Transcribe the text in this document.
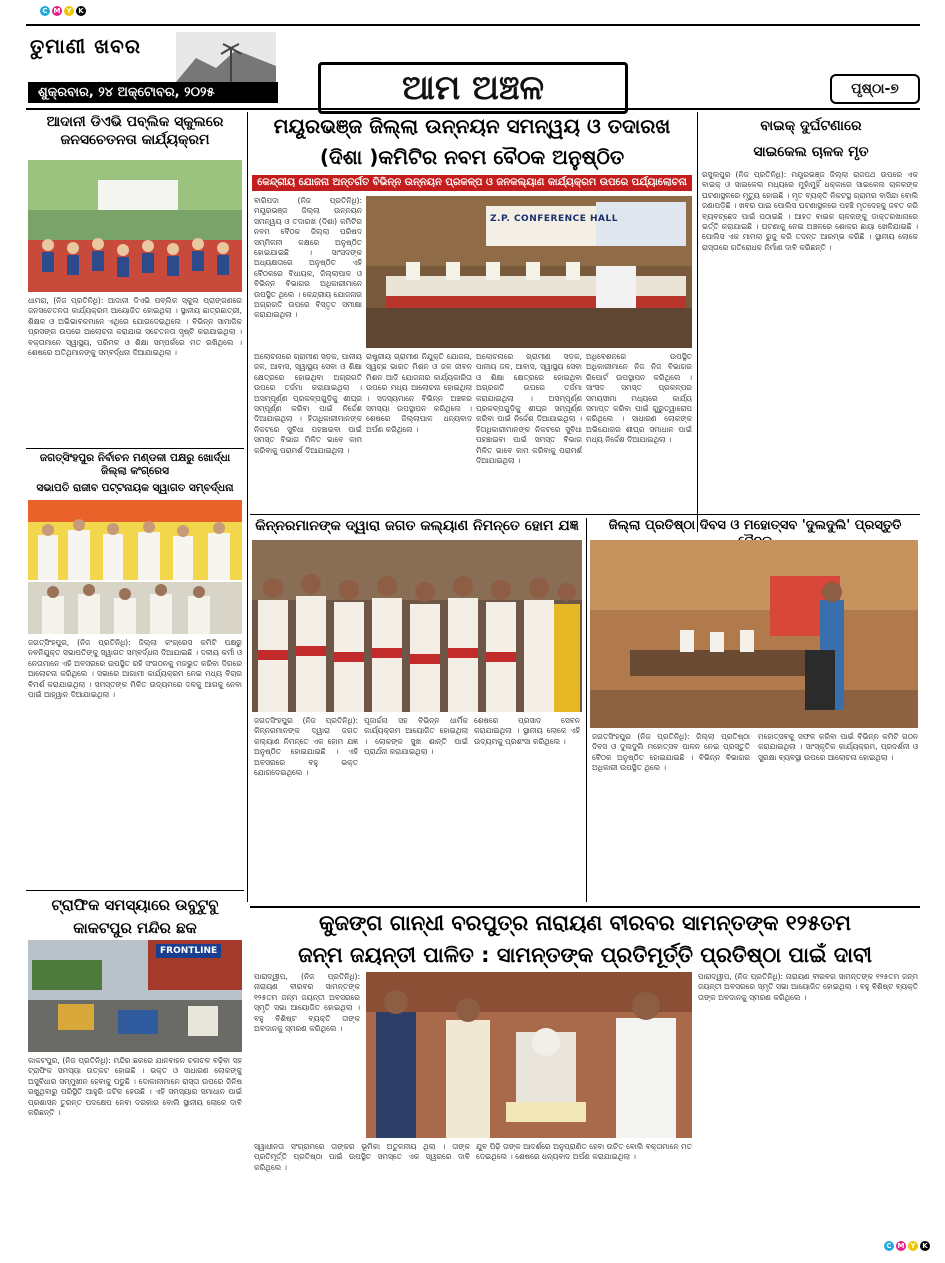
C M Y K
C M Y K
ତୁମାଣୀ ଖବର
ଶୁକ୍ରବାର, ୨୪ ଅକ୍ଟୋବର, ୨୦୨୫	ଆମ ଅଞ୍ଚଳ	ପୃଷ୍ଠା-୭
ଆଦାନୀ ଡିଏଭି ପବ୍ଲିକ ସ୍କୁଲରେ
ଜନସଚେତନତା କାର୍ଯ୍ୟକ୍ରମ
ଧାମରା, (ନିଜ ପ୍ରତିନିଧି): ଆଦାନୀ ଡିଏଭି ପବ୍ଲିକ ସ୍କୁଲ ପ୍ରାଙ୍ଗଣରେ ଜନସଚେତନତା କାର୍ଯ୍ୟକ୍ରମ ଆୟୋଜିତ ହୋଇଥିଲା । ସ୍ଥାନୀୟ ଛାତ୍ରଛାତ୍ରୀ, ଶିକ୍ଷକ ଓ ଅଭିଭାବକମାନେ ଏଥିରେ ଯୋଗଦେଇଥିଲେ । ବିଭିନ୍ନ ସାମାଜିକ ପ୍ରସଙ୍ଗ ଉପରେ ଆଲୋଚନା କରାଯାଇ ସଚେତନତା ସୃଷ୍ଟି କରାଯାଇଥିଲା । ବକ୍ତାମାନେ ସ୍ୱାସ୍ଥ୍ୟ, ପରିମଳ ଓ ଶିକ୍ଷା ସମ୍ପର୍କରେ ମତ ରଖିଥିଲେ । ଶେଷରେ ଅତିଥିମାନଙ୍କୁ ସମ୍ବର୍ଦ୍ଧନା ଦିଆଯାଇଥିଲା ।
ଜଗତ୍‌ସିଂହପୁର ନିର୍ବାଚନ ମଣ୍ଡଳୀ ପକ୍ଷରୁ ଖୋର୍ଦ୍ଧା ଜିଲ୍ଲା କଂଗ୍ରେସ
ସଭାପତି ରାଜୀବ ପଟ୍ଟନାୟକ ସ୍ୱାଗତ ସମ୍ବର୍ଦ୍ଧନା
ଜଗତ୍‌ସିଂହପୁର, (ନିଜ ପ୍ରତିନିଧି): ଜିଲ୍ଲା କଂଗ୍ରେସ କମିଟି ପକ୍ଷରୁ ନବନିଯୁକ୍ତ ସଭାପତିଙ୍କୁ ସ୍ୱାଗତ ସମ୍ବର୍ଦ୍ଧନା ଦିଆଯାଇଛି । ଦଳୀୟ କର୍ମୀ ଓ ନେତାମାନେ ଏହି ଅବସରରେ ଉପସ୍ଥିତ ରହି ସଂଗଠନକୁ ମଜଭୁତ କରିବା ଦିଗରେ ଆଲୋଚନା କରିଥିଲେ । ସଭାରେ ଆଗାମୀ କାର୍ଯ୍ୟକ୍ରମ ନେଇ ମଧ୍ୟ ବିଚାର ବିମର୍ଶ କରାଯାଇଥିଲା । ସମସ୍ତଙ୍କ ମିଳିତ ଉଦ୍ୟମରେ ଦଳକୁ ଆଗକୁ ନେବା ପାଇଁ ଆହ୍ୱାନ ଦିଆଯାଇଥିଲା ।
ଟ୍ରାଫିକ ସମସ୍ୟାରେ ଉବୁଟୁବୁ
କାକଟପୁର ମନ୍ଦିର ଛକ
FRONTLINE
କାକଟପୁର, (ନିଜ ପ୍ରତିନିଧି): ମନ୍ଦିର ଛକରେ ଯାନବାହନ ଚଳାଚଳ ବଢ଼ିବା ସହ ଟ୍ରାଫିକ ସମସ୍ୟା ଉତ୍କଟ ହୋଇଛି । ଭକ୍ତ ଓ ସାଧାରଣ ଲୋକଙ୍କୁ ଅସୁବିଧାର ସମ୍ମୁଖୀନ ହେବାକୁ ପଡୁଛି । ଦୋକାନୀମାନେ ରାସ୍ତା ଉପରେ ଜିନିଷ ରଖୁଥିବାରୁ ପରିସ୍ଥିତି ଆହୁରି ଜଟିଳ ହେଉଛି । ଏହି ସମସ୍ୟାର ସମାଧାନ ପାଇଁ ପ୍ରଶାସନ ତୁରନ୍ତ ପଦକ୍ଷେପ ନେବା ଦରକାର ବୋଲି ସ୍ଥାନୀୟ ଲୋକେ ଦାବି କରିଛନ୍ତି ।
ମୟୂରଭଞ୍ଜ ଜିଲ୍ଲା ଉନ୍ନୟନ ସମନ୍ୱୟ ଓ ତଦାରଖ
(ଦିଶା )କମିଟିର ନବମ ବୈଠକ ଅନୁଷ୍ଠିତ
କେନ୍ଦ୍ରୀୟ ଯୋଜନା ଅନ୍ତର୍ଗତ ବିଭିନ୍ନ ଉନ୍ନୟନ ପ୍ରକଳ୍ପ ଓ ଜନକଲ୍ୟାଣ କାର୍ଯ୍ୟକ୍ରମ ଉପରେ ପର୍ଯ୍ୟାଲୋଚନା
ବାରିପଦା (ନିଜ ପ୍ରତିନିଧି): ମୟୂରଭଞ୍ଜ ଜିଲ୍ଲା ଉନ୍ନୟନ ସମନ୍ୱୟ ଓ ତଦାରଖ (ଦିଶା) କମିଟିର ନବମ ବୈଠକ ଜିଲ୍ଲା ପରିଷଦ ସମ୍ମିଳନୀ କକ୍ଷରେ ଅନୁଷ୍ଠିତ ହୋଇଯାଇଛି । ସାଂସଦଙ୍କ ଅଧ୍ୟକ୍ଷତାରେ ଅନୁଷ୍ଠିତ ଏହି ବୈଠକରେ ବିଧାୟକ, ଜିଲ୍ଲାପାଳ ଓ ବିଭିନ୍ନ ବିଭାଗର ଅଧିକାରୀମାନେ ଉପସ୍ଥିତ ଥିଲେ । କେନ୍ଦ୍ରୀୟ ଯୋଜନାର ଅଗ୍ରଗତି ଉପରେ ବିସ୍ତୃତ ସମୀକ୍ଷା କରାଯାଇଥିଲା ।
Z.P. CONFERENCE HALL
ଅଲୋଚନାରେ ଗ୍ରାମୀଣ ସଡ଼କ, ପାନୀୟ ଜଳ, ଆବାସ, ସ୍ୱାସ୍ଥ୍ୟ ସେବା ଓ ଶିକ୍ଷା କ୍ଷେତ୍ରରେ ହୋଇଥିବା ଅଗ୍ରଗତି ଉପରେ ତର୍ଜମା କରାଯାଇଥିଲା । ଅସମ୍ପୂର୍ଣ୍ଣ ପ୍ରକଳ୍ପଗୁଡ଼ିକୁ ଶୀଘ୍ର ସମ୍ପୂର୍ଣ୍ଣ କରିବା ପାଇଁ ନିର୍ଦ୍ଦେଶ ଦିଆଯାଇଥିଲା । ହିତାଧିକାରୀମାନଙ୍କ ନିକଟରେ ସୁବିଧା ପହଞ୍ଚାଇବା ପାଇଁ ସମସ୍ତ ବିଭାଗ ମିଳିତ ଭାବେ କାମ କରିବାକୁ ପରାମର୍ଶ ଦିଆଯାଇଥିଲା ।
ରାଷ୍ଟ୍ରୀୟ ଗ୍ରାମୀଣ ନିଯୁକ୍ତି ଯୋଜନା, ସ୍ୱଚ୍ଛ ଭାରତ ମିଶନ ଓ ଜଳ ଜୀବନ ମିଶନ ଆଦି ଯୋଜନାର କାର୍ଯ୍ୟକାରିତା ଉପରେ ମଧ୍ୟ ଆଲୋଚନା ହୋଇଥିଲା । ସଦସ୍ୟମାନେ ବିଭିନ୍ନ ଅଞ୍ଚଳର ସମସ୍ୟା ଉପସ୍ଥାପନ କରିଥିଲେ । ଶେଷରେ ଜିଲ୍ଲାପାଳ ଧନ୍ୟବାଦ ଅର୍ପଣ କରିଥିଲେ ।
ଅଲୋଚନାରେ ଗ୍ରାମୀଣ ସଡ଼କ, ପାନୀୟ ଜଳ, ଆବାସ, ସ୍ୱାସ୍ଥ୍ୟ ସେବା ଓ ଶିକ୍ଷା କ୍ଷେତ୍ରରେ ହୋଇଥିବା ଅଗ୍ରଗତି ଉପରେ ତର୍ଜମା କରାଯାଇଥିଲା । ଅସମ୍ପୂର୍ଣ୍ଣ ପ୍ରକଳ୍ପଗୁଡ଼ିକୁ ଶୀଘ୍ର ସମ୍ପୂର୍ଣ୍ଣ କରିବା ପାଇଁ ନିର୍ଦ୍ଦେଶ ଦିଆଯାଇଥିଲା । ହିତାଧିକାରୀମାନଙ୍କ ନିକଟରେ ସୁବିଧା ପହଞ୍ଚାଇବା ପାଇଁ ସମସ୍ତ ବିଭାଗ ମିଳିତ ଭାବେ କାମ କରିବାକୁ ପରାମର୍ଶ ଦିଆଯାଇଥିଲା ।
ଅଧିବେଶନରେ ଉପସ୍ଥିତ ଅଧିକାରୀମାନେ ନିଜ ନିଜ ବିଭାଗର ରିପୋର୍ଟ ଉପସ୍ଥାପନ କରିଥିଲେ । ସାଂସଦ ସମସ୍ତ ପ୍ରକଳ୍ପର ସମୟସୀମା ମଧ୍ୟରେ କାର୍ଯ୍ୟ ସମାପ୍ତ କରିବା ପାଇଁ ଗୁରୁତ୍ୱାରୋପ କରିଥିଲେ । ସାଧାରଣ ଲୋକଙ୍କ ଅଭିଯୋଗର ଶୀଘ୍ର ସମାଧାନ ପାଇଁ ମଧ୍ୟ ନିର୍ଦ୍ଦେଶ ଦିଆଯାଇଥିଲା ।
ବାଇକ୍ ଦୁର୍ଘଟଣାରେ
ସାଇକେଲ ଚାଳକ ମୃତ
ରସୁଲପୁର (ନିଜ ପ୍ରତିନିଧି): ମୟୂରଭଞ୍ଜ ଜିଲ୍ଲା ରାଜପଥ ଉପରେ ଏକ ବାଇକ୍ ଓ ସାଇକେଲ ମଧ୍ୟରେ ମୁହାଁମୁହିଁ ଧକ୍କାରେ ସାଇକେଲ ଚାଳକଙ୍କ ଘଟଣାସ୍ଥଳରେ ମୃତ୍ୟୁ ହୋଇଛି । ମୃତ ବ୍ୟକ୍ତି ନିକଟସ୍ଥ ଗ୍ରାମର ବାସିନ୍ଦା ବୋଲି ଜଣାପଡ଼ିଛି । ଖବର ପାଇ ପୋଲିସ ଘଟଣାସ୍ଥଳରେ ପହଞ୍ଚି ମୃତଦେହକୁ ଜବତ କରି ବ୍ୟବଚ୍ଛେଦ ପାଇଁ ପଠାଇଛି । ଆହତ ବାଇକ ଚାଳକଙ୍କୁ ଡାକ୍ତରଖାନାରେ ଭର୍ତ୍ତି କରାଯାଇଛି । ଘଟଣାକୁ ନେଇ ଅଞ୍ଚଳରେ ଶୋକର ଛାୟା ଖେଳିଯାଇଛି । ପୋଲିସ ଏକ ମାମଲା ରୁଜୁ କରି ତଦନ୍ତ ଆରମ୍ଭ କରିଛି । ସ୍ଥାନୀୟ ଲୋକେ ରାସ୍ତାରେ ଗତିରୋଧକ ନିର୍ମାଣ ଦାବି କରିଛନ୍ତି ।
କିନ୍ନରମାନଙ୍କ ଦ୍ୱାରା ଜଗତ କଲ୍ୟାଣ ନିମନ୍ତେ ହୋମ ଯଜ୍ଞ
ଜଗତସିଂହପୁର (ନିଜ ପ୍ରତିନିଧି): କିନ୍ନରମାନଙ୍କ ଦ୍ୱାରା ଜଗତ କଲ୍ୟାଣ ନିମନ୍ତେ ଏକ ହୋମ ଯଜ୍ଞ ଅନୁଷ୍ଠିତ ହୋଇଯାଇଛି । ଏହି ଅବସରରେ ବହୁ ଭକ୍ତ ଯୋଗଦେଇଥିଲେ ।
ପୂଜାର୍ଚ୍ଚନା ସହ ବିଭିନ୍ନ ଧାର୍ମିକ କାର୍ଯ୍ୟକ୍ରମ ଆୟୋଜିତ ହୋଇଥିଲା । ଲୋକଙ୍କ ସୁଖ ଶାନ୍ତି ପାଇଁ ପ୍ରାର୍ଥନା କରାଯାଇଥିଲା ।
ଶେଷରେ ପ୍ରସାଦ ସେବନ କରାଯାଇଥିଲା । ସ୍ଥାନୀୟ ଲୋକେ ଏହି ଉଦ୍ୟମକୁ ପ୍ରଶଂସା କରିଥିଲେ ।
ଜିଲ୍ଲା ପ୍ରତିଷ୍ଠା ଦିବସ ଓ ମହୋତ୍ସବ 'ଦୁଲଦୁଲି' ପ୍ରସ୍ତୁତି
ଜଗତସିଂହପୁର (ନିଜ ପ୍ରତିନିଧି): ଜିଲ୍ଲା ପ୍ରତିଷ୍ଠା ଦିବସ ଓ ଦୁଲଦୁଲି ମହୋତ୍ସବ ପାଳନ ନେଇ ପ୍ରସ୍ତୁତି ବୈଠକ ଅନୁଷ୍ଠିତ ହୋଇଯାଇଛି । ବିଭିନ୍ନ ବିଭାଗର ଅଧିକାରୀ ଉପସ୍ଥିତ ଥିଲେ ।
ମହୋତ୍ସବକୁ ସଫଳ କରିବା ପାଇଁ ବିଭିନ୍ନ କମିଟି ଗଠନ କରାଯାଇଥିଲା । ସାଂସ୍କୃତିକ କାର୍ଯ୍ୟକ୍ରମ, ପ୍ରଦର୍ଶନୀ ଓ ସୁରକ୍ଷା ବ୍ୟବସ୍ଥା ଉପରେ ଆଲୋଚନା ହୋଇଥିଲା ।
କୁଜଙ୍ଗ ଗାନ୍ଧୀ ବରପୁତ୍ର ନାରାୟଣ ବୀରବର ସାମନ୍ତଙ୍କ ୧୨୫ତମ
ଜନ୍ମ ଜୟନ୍ତୀ ପାଳିତ : ସାମନ୍ତଙ୍କ ପ୍ରତିମୂର୍ତ୍ତି ପ୍ରତିଷ୍ଠା ପାଇଁ ଦାବୀ
ପାରାଦ୍ୱୀପ, (ନିଜ ପ୍ରତିନିଧି): ନାରାୟଣ ବୀରବର ସାମନ୍ତଙ୍କ ୧୨୫ତମ ଜନ୍ମ ଜୟନ୍ତୀ ଅବସରରେ ସ୍ମୃତି ସଭା ଆୟୋଜିତ ହୋଇଥିଲା । ବହୁ ବିଶିଷ୍ଟ ବ୍ୟକ୍ତି ତାଙ୍କ ଅବଦାନକୁ ସ୍ମରଣ କରିଥିଲେ ।
ସ୍ୱାଧୀନତା ସଂଗ୍ରାମରେ ତାଙ୍କର ଭୂମିକା ଅତୁଳନୀୟ ଥିଲା । ତାଙ୍କ ପ୍ରତିମୂର୍ତ୍ତି ପ୍ରତିଷ୍ଠା ପାଇଁ ଉପସ୍ଥିତ ସମସ୍ତେ ଏକ ସ୍ୱରରେ ଦାବି କରିଥିଲେ ।
ଯୁବ ପିଢ଼ି ତାଙ୍କ ଆଦର୍ଶରେ ଅନୁପ୍ରାଣିତ ହେବା ଉଚିତ ବୋଲି ବକ୍ତାମାନେ ମତ ଦେଇଥିଲେ । ଶେଷରେ ଧନ୍ୟବାଦ ଅର୍ପଣ କରାଯାଇଥିଲା ।
ପାରାଦ୍ୱୀପ, (ନିଜ ପ୍ରତିନିଧି): ନାରାୟଣ ବୀରବର ସାମନ୍ତଙ୍କ ୧୨୫ତମ ଜନ୍ମ ଜୟନ୍ତୀ ଅବସରରେ ସ୍ମୃତି ସଭା ଆୟୋଜିତ ହୋଇଥିଲା । ବହୁ ବିଶିଷ୍ଟ ବ୍ୟକ୍ତି ତାଙ୍କ ଅବଦାନକୁ ସ୍ମରଣ କରିଥିଲେ ।
